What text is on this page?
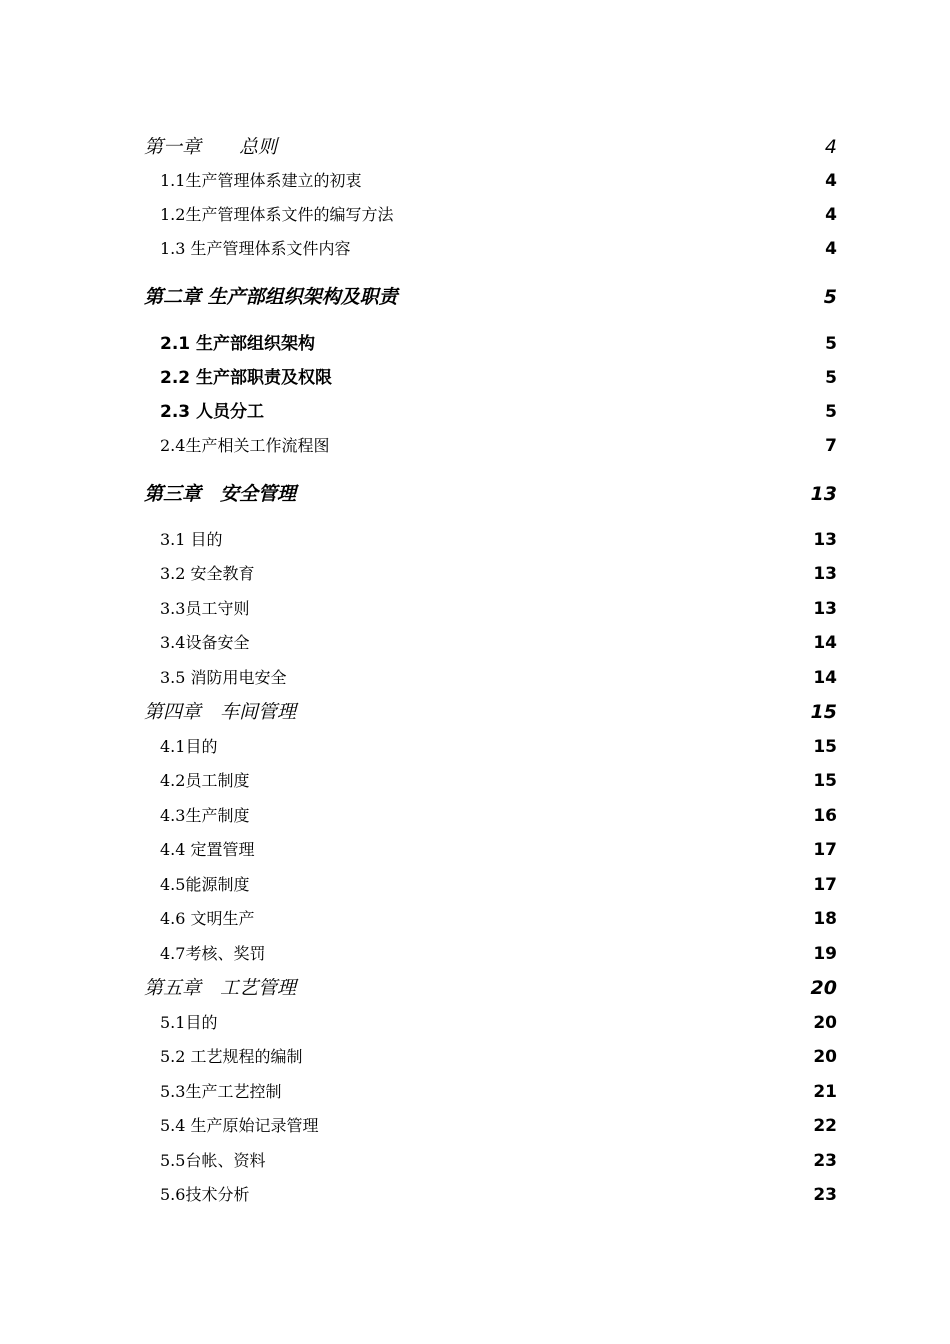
第一章　　总则	4
1.1生产管理体系建立的初衷	4
1.2生产管理体系文件的编写方法	4
1.3 生产管理体系文件内容	4
第二章 生产部组织架构及职责	5
2.1 生产部组织架构	5
2.2 生产部职责及权限	5
2.3 人员分工	5
2.4生产相关工作流程图	7
第三章　安全管理	13
3.1 目的	13
3.2 安全教育	13
3.3员工守则	13
3.4设备安全	14
3.5 消防用电安全	14
第四章　车间管理	15
4.1目的	15
4.2员工制度	15
4.3生产制度	16
4.4 定置管理	17
4.5能源制度	17
4.6 文明生产	18
4.7考核、奖罚	19
第五章　工艺管理	20
5.1目的	20
5.2 工艺规程的编制	20
5.3生产工艺控制	21
5.4 生产原始记录管理	22
5.5台帐、资料	23
5.6技术分析	23
